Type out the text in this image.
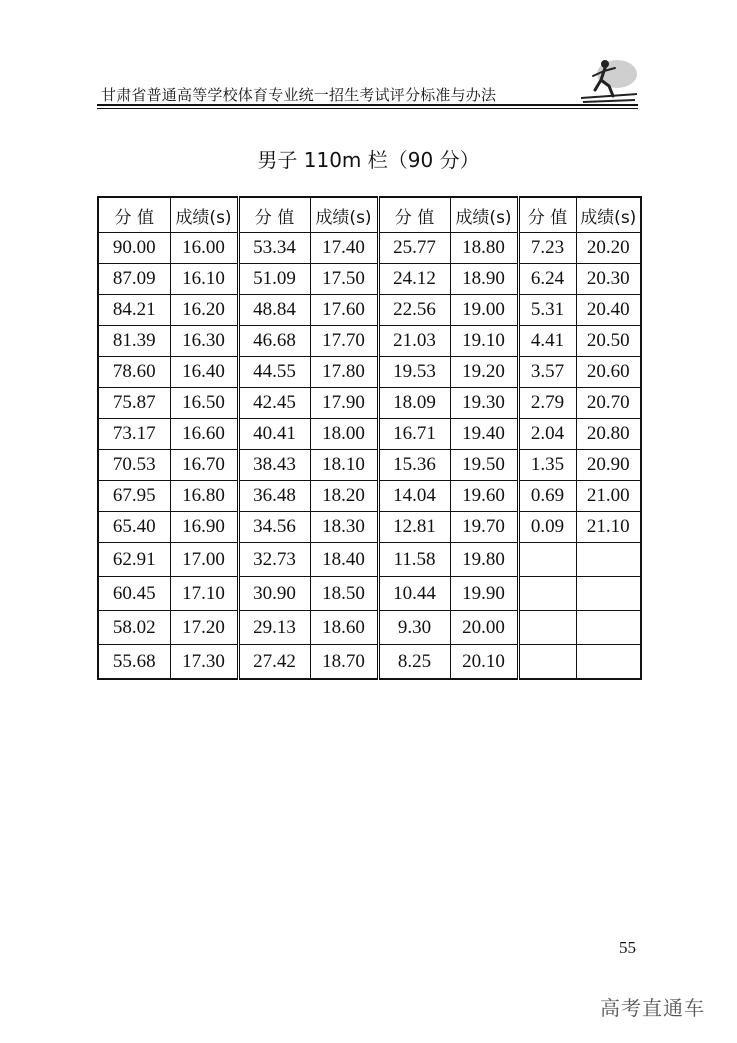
甘肃省普通高等学校体育专业统一招生考试评分标准与办法
男子 110m 栏（90 分）
分 值	成绩(s)	分 值	成绩(s)	分 值	成绩(s)	分 值	成绩(s)
90.00	16.00	53.34	17.40	25.77	18.80	7.23	20.20
87.09	16.10	51.09	17.50	24.12	18.90	6.24	20.30
84.21	16.20	48.84	17.60	22.56	19.00	5.31	20.40
81.39	16.30	46.68	17.70	21.03	19.10	4.41	20.50
78.60	16.40	44.55	17.80	19.53	19.20	3.57	20.60
75.87	16.50	42.45	17.90	18.09	19.30	2.79	20.70
73.17	16.60	40.41	18.00	16.71	19.40	2.04	20.80
70.53	16.70	38.43	18.10	15.36	19.50	1.35	20.90
67.95	16.80	36.48	18.20	14.04	19.60	0.69	21.00
65.40	16.90	34.56	18.30	12.81	19.70	0.09	21.10
62.91	17.00	32.73	18.40	11.58	19.80		
60.45	17.10	30.90	18.50	10.44	19.90		
58.02	17.20	29.13	18.60	9.30	20.00		
55.68	17.30	27.42	18.70	8.25	20.10		
55
高考直通车
